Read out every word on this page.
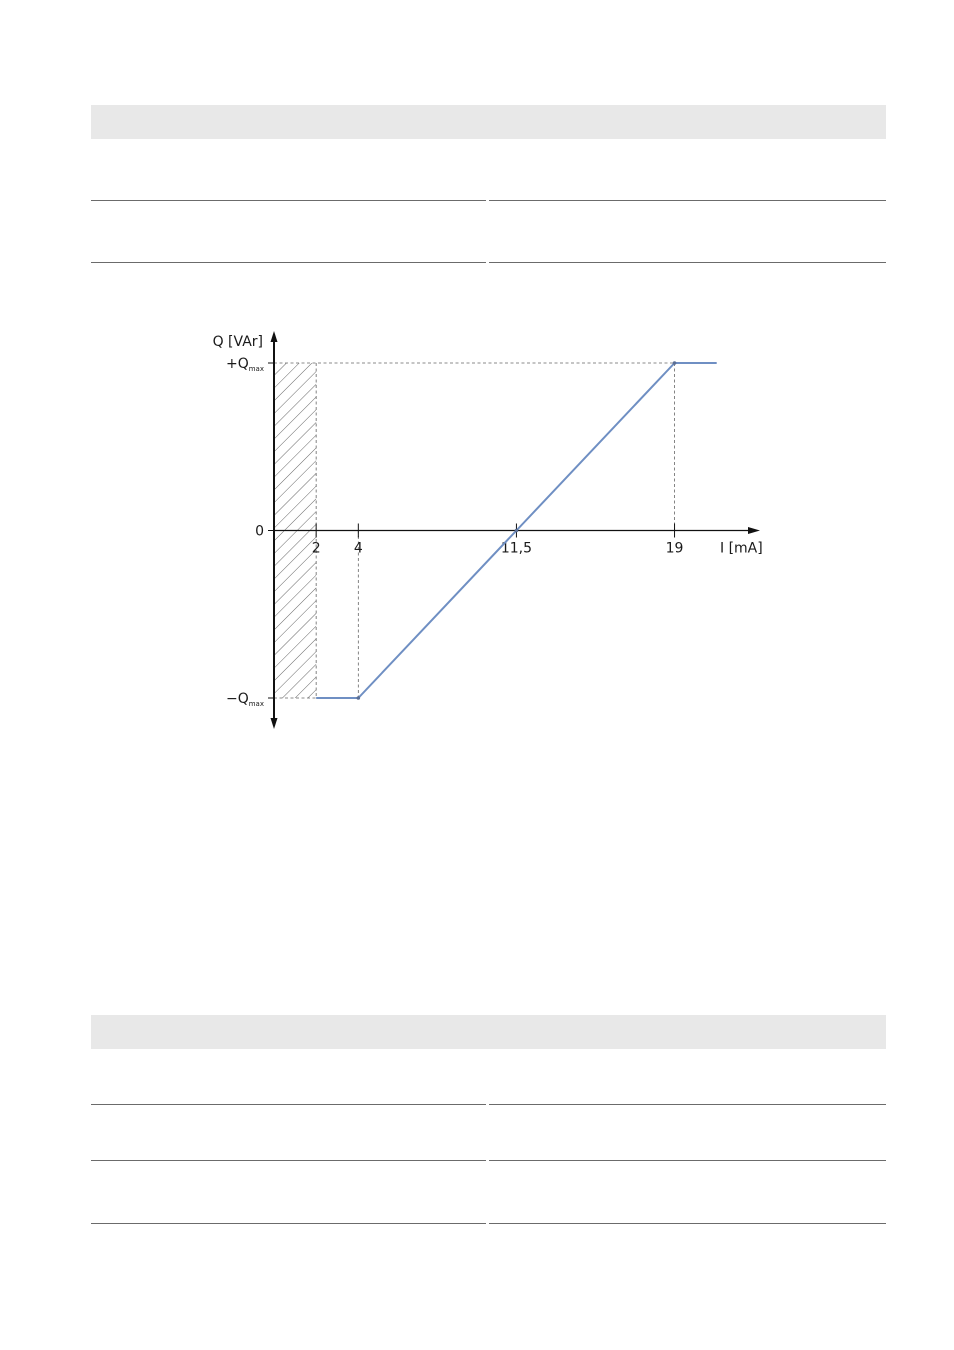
2 4	11,5	19
$+Q_{max}$
0
$-Q_{max}$
Q [VAr]
I [mA]
